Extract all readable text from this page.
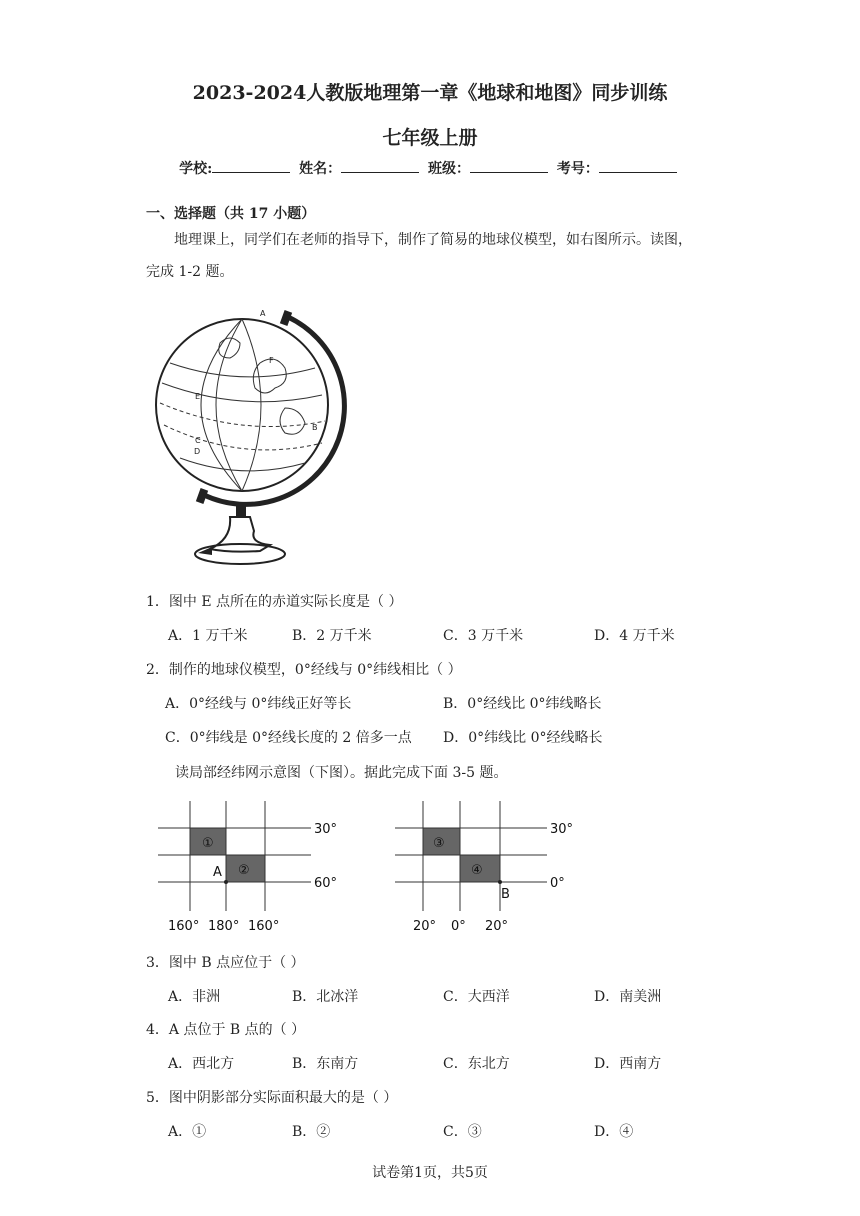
2023-2024人教版地理第一章《地球和地图》同步训练
七年级上册
学校:	姓名：	班级：	考号：
一、选择题（共 17 小题）
地理课上，同学们在老师的指导下，制作了简易的地球仪模型，如右图所示。读图，
完成 1-2 题。
A
F
E
B
C
D
1．图中 E 点所在的赤道实际长度是（ ）
A．1 万千米	B．2 万千米	C．3 万千米	D．4 万千米
2．制作的地球仪模型，0°经线与 0°纬线相比（ ）
A．0°经线与 0°纬线正好等长	B．0°经线比 0°纬线略长
C．0°纬线是 0°经线长度的 2 倍多一点 D．0°纬线比 0°经线略长
读局部经纬网示意图（下图）。据此完成下面 3-5 题。
①
②
A
30°
60°
160° 180° 160°
③
④
B
30°
0°
20° 0° 20°
3．图中 B 点应位于（ ）
A．非洲	B．北冰洋	C．大西洋	D．南美洲
4．A 点位于 B 点的（ ）
A．西北方	B．东南方	C．东北方	D．西南方
5．图中阴影部分实际面积最大的是（ ）
A．①	B．②	C．③	D．④
试卷第1页，共5页
